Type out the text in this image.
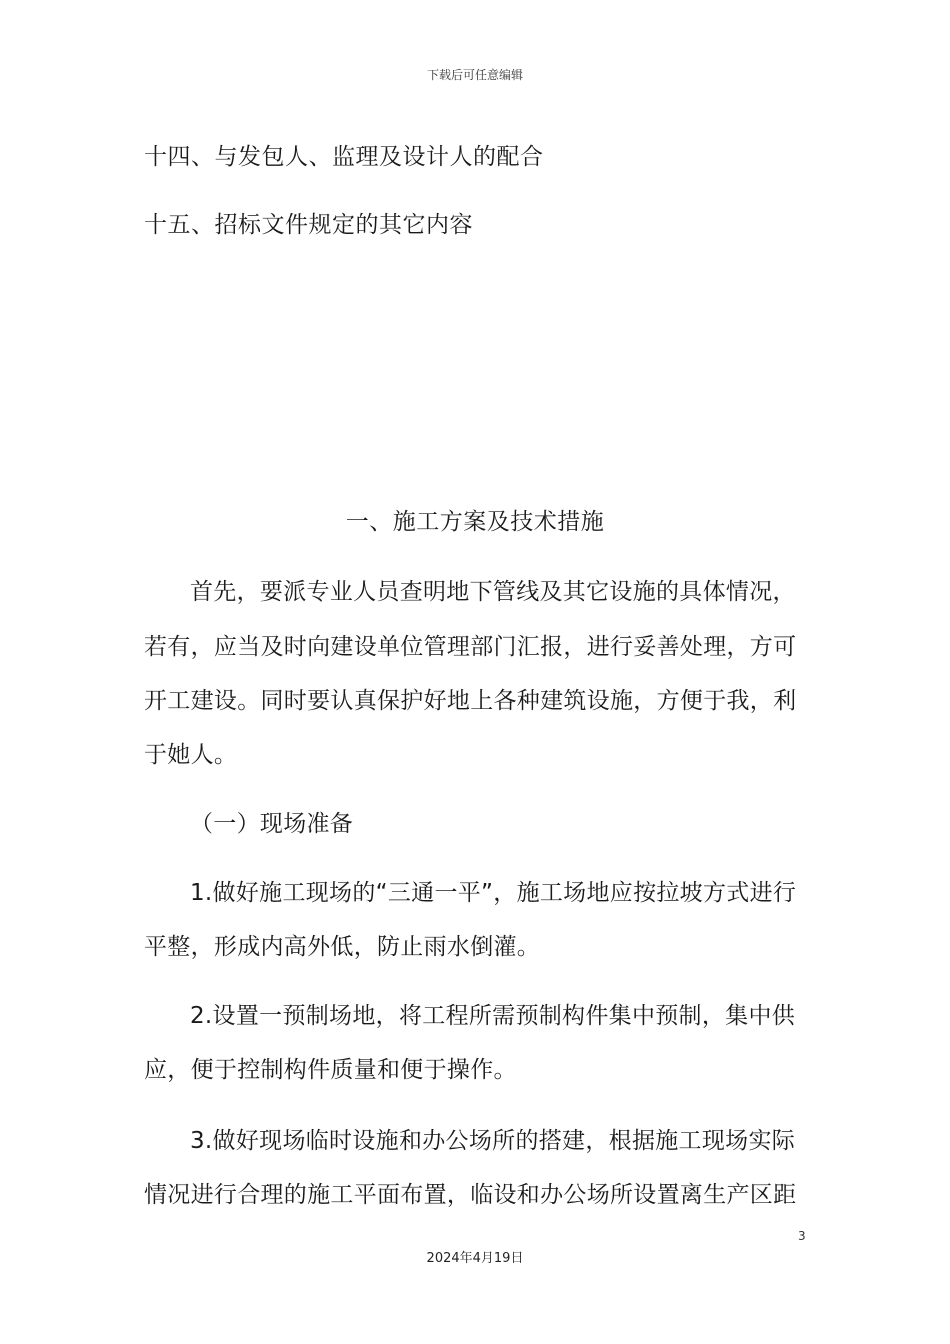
下载后可任意编辑
十四、与发包人、监理及设计人的配合
十五、招标文件规定的其它内容
一、施工方案及技术措施
首先，要派专业人员查明地下管线及其它设施的具体情况，
若有，应当及时向建设单位管理部门汇报，进行妥善处理，方可
开工建设。同时要认真保护好地上各种建筑设施，方便于我，利
于她人。
（一）现场准备
1.做好施工现场的“三通一平”，施工场地应按拉坡方式进行
平整，形成内高外低，防止雨水倒灌。
2.设置一预制场地，将工程所需预制构件集中预制，集中供
应，便于控制构件质量和便于操作。
3.做好现场临时设施和办公场所的搭建，根据施工现场实际
情况进行合理的施工平面布置，临设和办公场所设置离生产区距
3
2024年4月19日
